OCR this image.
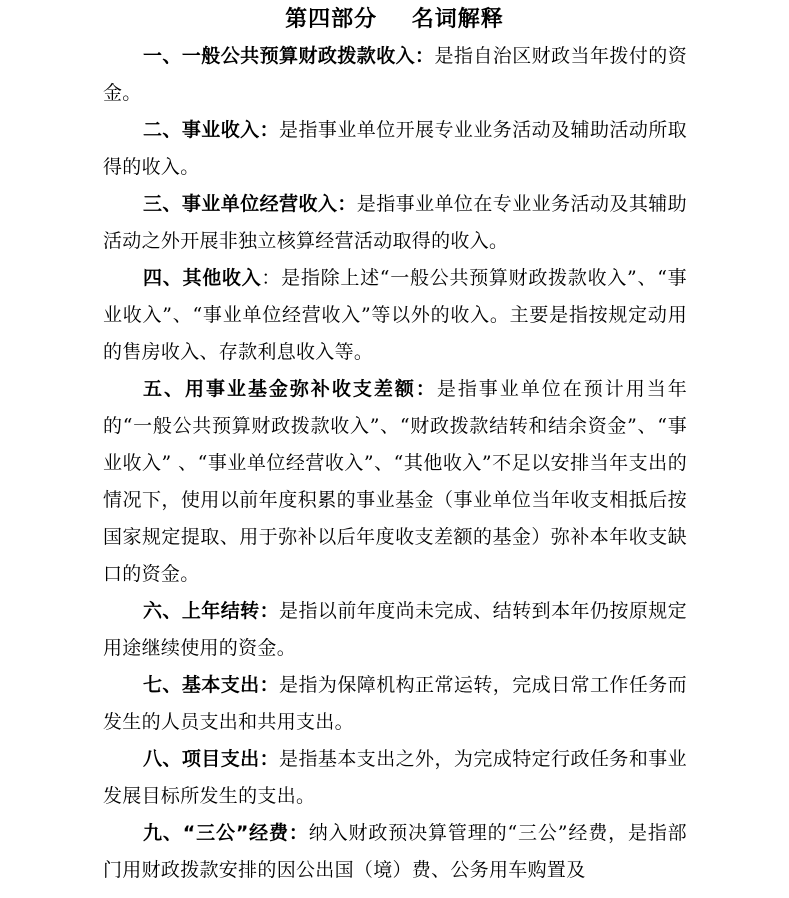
第四部分    名词解释

一、一般公共预算财政拨款收入：是指自治区财政当年拨付的资金。

二、事业收入：是指事业单位开展专业业务活动及辅助活动所取得的收入。

三、事业单位经营收入：是指事业单位在专业业务活动及其辅助活动之外开展非独立核算经营活动取得的收入。

四、其他收入：是指除上述“一般公共预算财政拨款收入”、“事业收入”、“事业单位经营收入”等以外的收入。主要是指按规定动用的售房收入、存款利息收入等。

五、用事业基金弥补收支差额：是指事业单位在预计用当年的“一般公共预算财政拨款收入”、“财政拨款结转和结余资金”、“事业收入” 、“事业单位经营收入”、“其他收入”不足以安排当年支出的情况下，使用以前年度积累的事业基金（事业单位当年收支相抵后按国家规定提取、用于弥补以后年度收支差额的基金）弥补本年收支缺口的资金。

六、上年结转：是指以前年度尚未完成、结转到本年仍按原规定用途继续使用的资金。

七、基本支出：是指为保障机构正常运转，完成日常工作任务而发生的人员支出和共用支出。

八、项目支出：是指基本支出之外，为完成特定行政任务和事业发展目标所发生的支出。

九、“三公”经费：纳入财政预决算管理的“三公”经费，是指部门用财政拨款安排的因公出国（境）费、公务用车购置及
